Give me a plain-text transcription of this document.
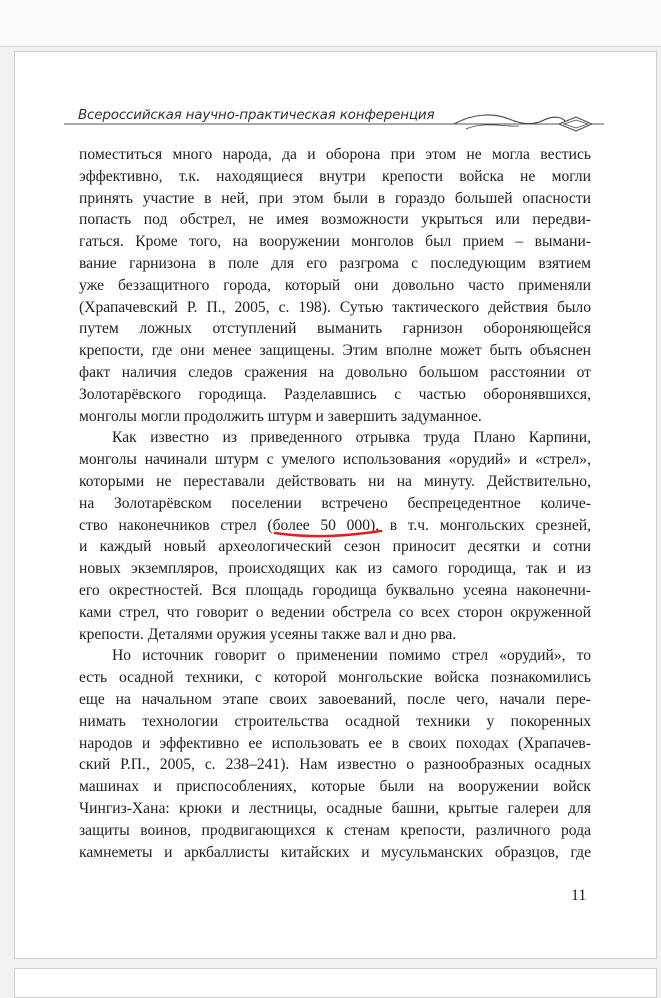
Всероссийская научно-практическая конференция
поместиться много народа, да и оборона при этом не могла вестись
эффективно, т.к. находящиеся внутри крепости войска не могли
принять участие в ней, при этом были в гораздо большей опасности
попасть под обстрел, не имея возможности укрыться или передви-
гаться. Кроме того, на вооружении монголов был прием – вымани-
вание гарнизона в поле для его разгрома с последующим взятием
уже беззащитного города, который они довольно часто применяли
(Храпачевский Р. П., 2005, с. 198). Сутью тактического действия было
путем ложных отступлений выманить гарнизон обороняющейся
крепости, где они менее защищены. Этим вполне может быть объяснен
факт наличия следов сражения на довольно большом расстоянии от
Золотарёвского городища. Разделавшись с частью оборонявшихся,
монголы могли продолжить штурм и завершить задуманное.
Как известно из приведенного отрывка труда Плано Карпини,
монголы начинали штурм с умелого использования «орудий» и «стрел»,
которыми не переставали действовать ни на минуту. Действительно,
на Золотарёвском поселении встречено беспрецедентное количе-
ство наконечников стрел (более 50 000), в т.ч. монгольских срезней,
и каждый новый археологический сезон приносит десятки и сотни
новых экземпляров, происходящих как из самого городища, так и из
его окрестностей. Вся площадь городища буквально усеяна наконечни-
ками стрел, что говорит о ведении обстрела со всех сторон окруженной
крепости. Деталями оружия усеяны также вал и дно рва.
Но источник говорит о применении помимо стрел «орудий», то
есть осадной техники, с которой монгольские войска познакомились
еще на начальном этапе своих завоеваний, после чего, начали пере-
нимать технологии строительства осадной техники у покоренных
народов и эффективно ее использовать ее в своих походах (Храпачев-
ский Р.П., 2005, с. 238–241). Нам известно о разнообразных осадных
машинах и приспособлениях, которые были на вооружении войск
Чингиз-Хана: крюки и лестницы, осадные башни, крытые галереи для
защиты воинов, продвигающихся к стенам крепости, различного рода
камнеметы и аркбаллисты китайских и мусульманских образцов, где
11
